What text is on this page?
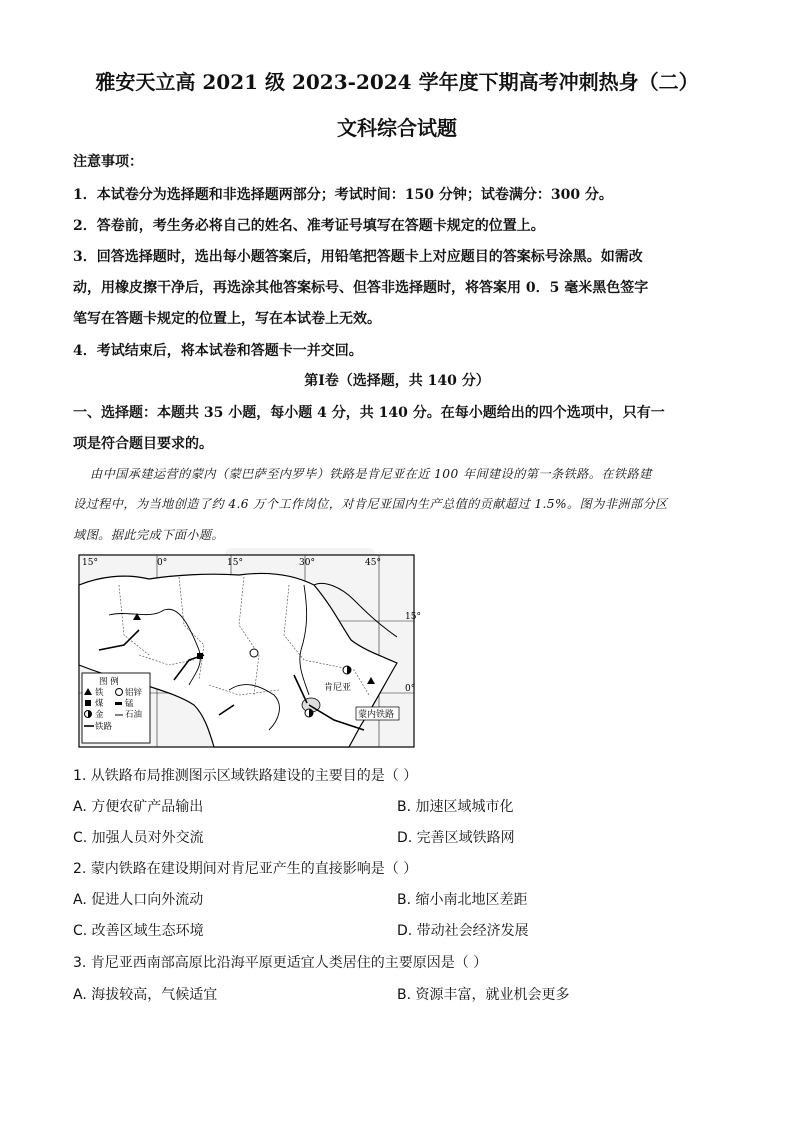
雅安天立高 2021 级 2023-2024 学年度下期高考冲刺热身（二）
文科综合试题
注意事项：
1．本试卷分为选择题和非选择题两部分；考试时间：150 分钟；试卷满分：300 分。
2．答卷前，考生务必将自己的姓名、准考证号填写在答题卡规定的位置上。
3．回答选择题时，选出每小题答案后，用铅笔把答题卡上对应题目的答案标号涂黑。如需改
动，用橡皮擦干净后，再选涂其他答案标号、但答非选择题时，将答案用 0．5 毫米黑色签字
笔写在答题卡规定的位置上，写在本试卷上无效。
4．考试结束后，将本试卷和答题卡一并交回。
第Ⅰ卷（选择题，共 140 分）
一、选择题：本题共 35 小题，每小题 4 分，共 140 分。在每小题给出的四个选项中，只有一
项是符合题目要求的。
由中国承建运营的蒙内（蒙巴萨至内罗毕）铁路是肯尼亚在近 100 年间建设的第一条铁路。在铁路建
设过程中，为当地创造了约 4.6 万个工作岗位，对肯尼亚国内生产总值的贡献超过 1.5%。图为非洲部分区
域图。据此完成下面小题。
15°	0°	15°	30°	45°
15°
0°
肯尼亚
蒙内铁路
图 例
铁	铝锌
煤	锰
金	石油
铁路
1. 从铁路布局推测图示区域铁路建设的主要目的是（ ）
A. 方便农矿产品输出	B. 加速区域城市化
C. 加强人员对外交流	D. 完善区域铁路网
2. 蒙内铁路在建设期间对肯尼亚产生的直接影响是（ ）
A. 促进人口向外流动	B. 缩小南北地区差距
C. 改善区域生态环境	D. 带动社会经济发展
3. 肯尼亚西南部高原比沿海平原更适宜人类居住的主要原因是（ ）
A. 海拔较高，气候适宜	B. 资源丰富，就业机会更多
